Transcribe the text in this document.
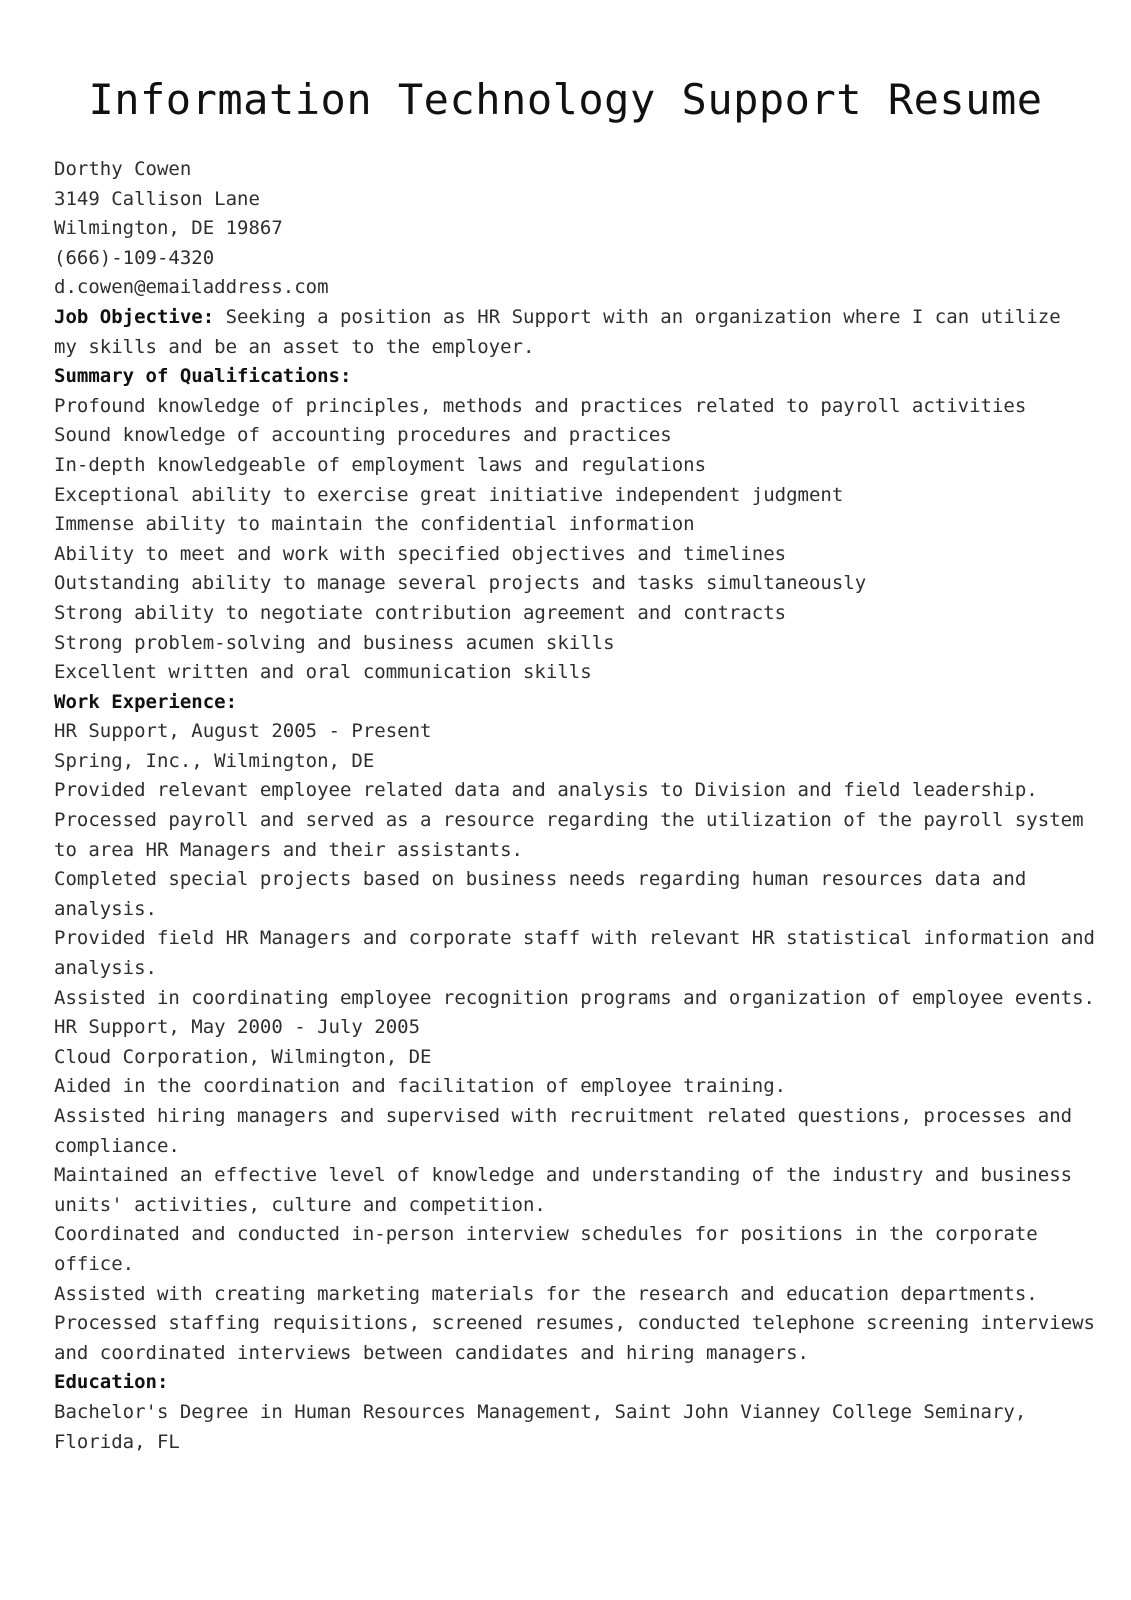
Information Technology Support Resume
Dorthy Cowen
3149 Callison Lane
Wilmington, DE 19867
(666)-109-4320
d.cowen@emailaddress.com
Job Objective: Seeking a position as HR Support with an organization where I can utilize
my skills and be an asset to the employer.
Summary of Qualifications:
Profound knowledge of principles, methods and practices related to payroll activities
Sound knowledge of accounting procedures and practices
In-depth knowledgeable of employment laws and regulations
Exceptional ability to exercise great initiative independent judgment
Immense ability to maintain the confidential information
Ability to meet and work with specified objectives and timelines
Outstanding ability to manage several projects and tasks simultaneously
Strong ability to negotiate contribution agreement and contracts
Strong problem-solving and business acumen skills
Excellent written and oral communication skills
Work Experience:
HR Support, August 2005 - Present
Spring, Inc., Wilmington, DE
Provided relevant employee related data and analysis to Division and field leadership.
Processed payroll and served as a resource regarding the utilization of the payroll system
to area HR Managers and their assistants.
Completed special projects based on business needs regarding human resources data and
analysis.
Provided field HR Managers and corporate staff with relevant HR statistical information and
analysis.
Assisted in coordinating employee recognition programs and organization of employee events.
HR Support, May 2000 - July 2005
Cloud Corporation, Wilmington, DE
Aided in the coordination and facilitation of employee training.
Assisted hiring managers and supervised with recruitment related questions, processes and
compliance.
Maintained an effective level of knowledge and understanding of the industry and business
units' activities, culture and competition.
Coordinated and conducted in-person interview schedules for positions in the corporate
office.
Assisted with creating marketing materials for the research and education departments.
Processed staffing requisitions, screened resumes, conducted telephone screening interviews
and coordinated interviews between candidates and hiring managers.
Education:
Bachelor's Degree in Human Resources Management, Saint John Vianney College Seminary,
Florida, FL
